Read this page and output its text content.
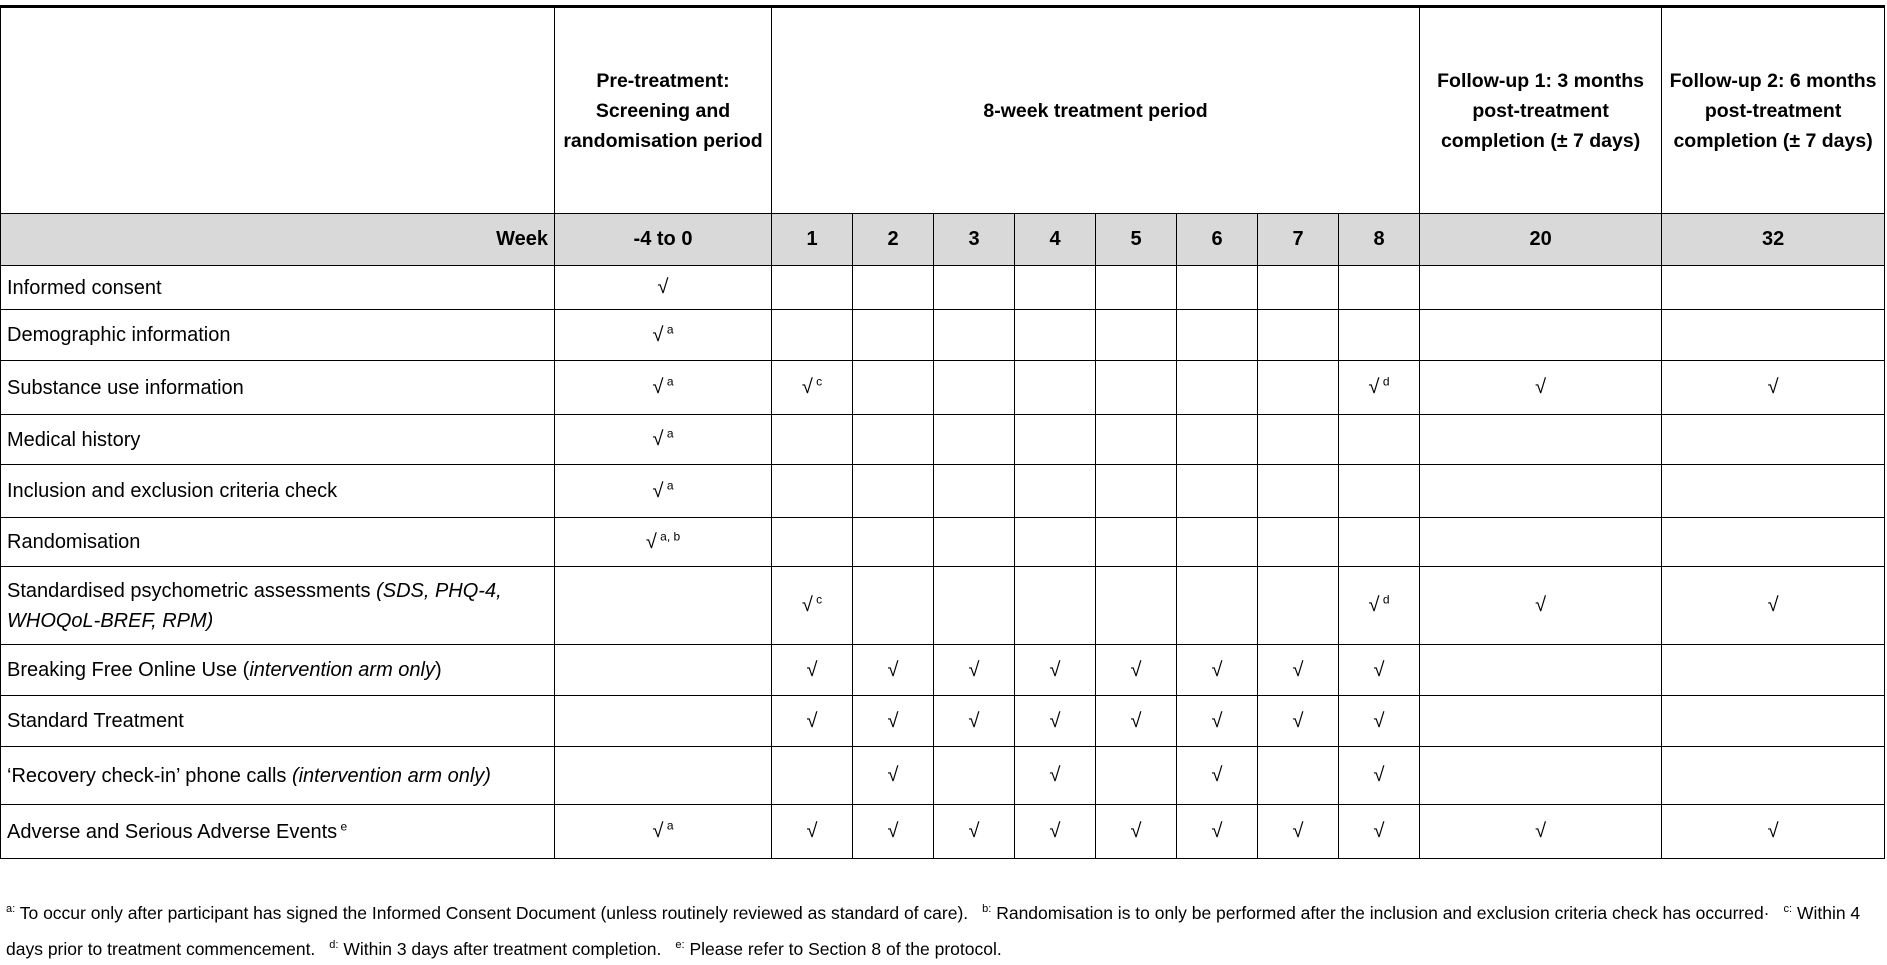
	Pre-treatment: Screening and randomisation period	8-week treatment period								Follow-up 1: 3 months post-treatment completion (± 7 days)	Follow-up 2: 6 months post-treatment completion (± 7 days)
Week	-4 to 0	1	2	3	4	5	6	7	8	20	32
Informed consent	√										
Demographic information	√ $^a$										
Substance use information	√ $^a$	√ $^c$							√ $^d$	√	√
Medical history	√ $^a$										
Inclusion and exclusion criteria check	√ $^a$										
Randomisation	√ $^{a, b}$										
Standardised psychometric assessments (SDS, PHQ-4, WHOQoL-BREF, RPM)		√ $^c$							√ $^d$	√	√
Breaking Free Online Use (intervention arm only)		√	√	√	√	√	√	√	√		
Standard Treatment		√	√	√	√	√	√	√	√		
‘Recovery check-in’ phone calls (intervention arm only)			√		√		√		√		
Adverse and Serious Adverse Events $^e$	√ $^a$	√	√	√	√	√	√	√	√	√	√
$^{a:}$ To occur only after participant has signed the Informed Consent Document (unless routinely reviewed as standard of care). $^{b:}$ Randomisation is to only be performed after the inclusion and exclusion criteria check has occurred· $^{c:}$ Within 4 days prior to treatment commencement. $^{d:}$ Within 3 days after treatment completion. $^{e:}$ Please refer to Section 8 of the protocol.
